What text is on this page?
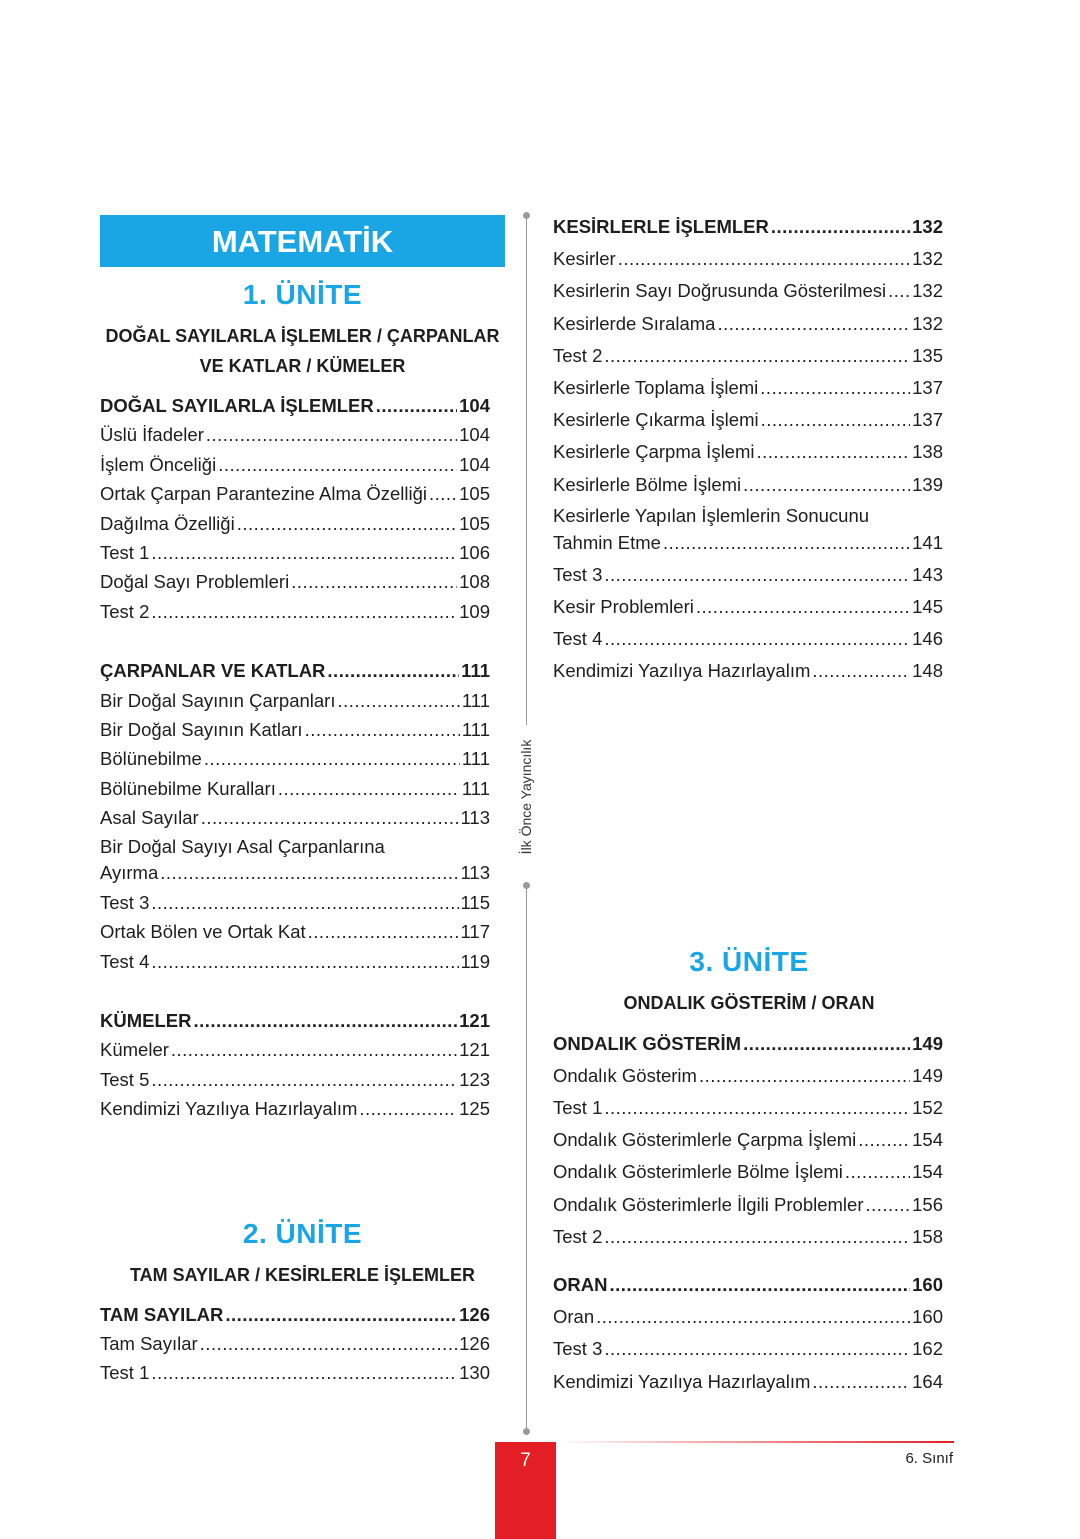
MATEMATİK
1. ÜNİTE
DOĞAL SAYILARLA İŞLEMLER / ÇARPANLAR
VE KATLAR / KÜMELER
DOĞAL SAYILARLA İŞLEMLER .....	104
Üslü İfadeler .....	104
İşlem Önceliği .....	104
Ortak Çarpan Parantezine Alma Özelliği ..... 105
Dağılma Özelliği .....	105
Test 1 .....	106
Doğal Sayı Problemleri .....	108
Test 2 .....	109
ÇARPANLAR VE KATLAR .....	111
Bir Doğal Sayının Çarpanları .....	111
Bir Doğal Sayının Katları .....	111
Bölünebilme .....	111
Bölünebilme Kuralları .....	111
Asal Sayılar .....	113
Bir Doğal Sayıyı Asal Çarpanlarına
Ayırma .....	113
Test 3 .....	115
Ortak Bölen ve Ortak Kat .....	117
Test 4 .....	119
KÜMELER .....	121
Kümeler .....	121
Test 5 .....	123
Kendimizi Yazılıya Hazırlayalım .....	125
2. ÜNİTE
TAM SAYILAR / KESİRLERLE İŞLEMLER
TAM SAYILAR .....	126
Tam Sayılar .....	126
Test 1 .....	130
KESİRLERLE İŞLEMLER .....	132
Kesirler .....	132
Kesirlerin Sayı Doğrusunda Gösterilmesi ..... 132
Kesirlerde Sıralama .....	132
Test 2 .....	135
Kesirlerle Toplama İşlemi .....	137
Kesirlerle Çıkarma İşlemi .....	137
Kesirlerle Çarpma İşlemi .....	138
Kesirlerle Bölme İşlemi .....	139
Kesirlerle Yapılan İşlemlerin Sonucunu
Tahmin Etme .....	141
Test 3 .....	143
Kesir Problemleri .....	145
Test 4 .....	146
Kendimizi Yazılıya Hazırlayalım .....	148
3. ÜNİTE
ONDALIK GÖSTERİM / ORAN
ONDALIK GÖSTERİM .....	149
Ondalık Gösterim .....	149
Test 1 .....	152
Ondalık Gösterimlerle Çarpma İşlemi .....	154
Ondalık Gösterimlerle Bölme İşlemi .....	154
Ondalık Gösterimlerle İlgili Problemler .....	156
Test 2 .....	158
ORAN .....	160
Oran .....	160
Test 3 .....	162
Kendimizi Yazılıya Hazırlayalım .....	164
İlk Önce Yayıncılık
7	6. Sınıf
